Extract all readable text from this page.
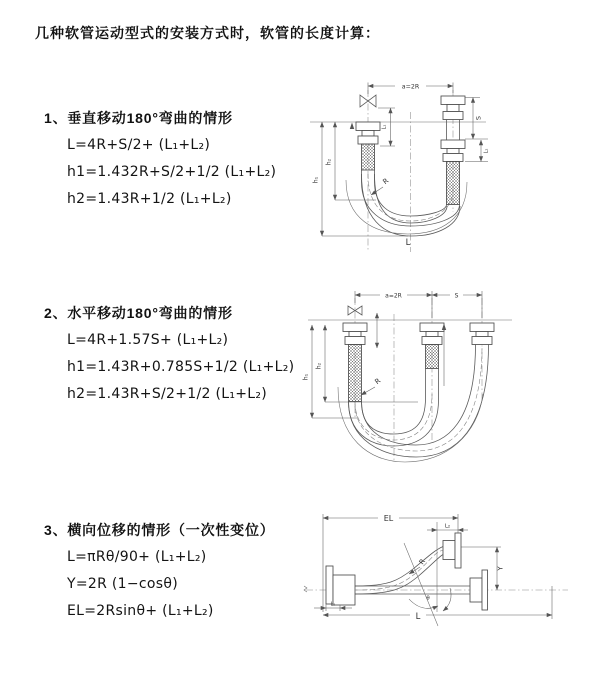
几种软管运动型式的安装方式时，软管的长度计算：
1、垂直移动180°弯曲的情形
L=4R+S/2+ (L₁+L₂)
h1=1.432R+S/2+1/2 (L₁+L₂)
h2=1.43R+1/2 (L₁+L₂)
2、水平移动180°弯曲的情形
L=4R+1.57S+ (L₁+L₂)
h1=1.43R+0.785S+1/2 (L₁+L₂)
h2=1.43R+S/2+1/2 (L₁+L₂)
3、横向位移的情形（一次性变位）
L=πRθ/90+ (L₁+L₂)
Y=2R (1−cosθ)
EL=2Rsinθ+ (L₁+L₂)
a=2R
S
L₂
h₁
h₂
L₁
R
L
a=2R	S
h₁
h₂
R
θ
EL
L₂
Y
L
L₁
R
